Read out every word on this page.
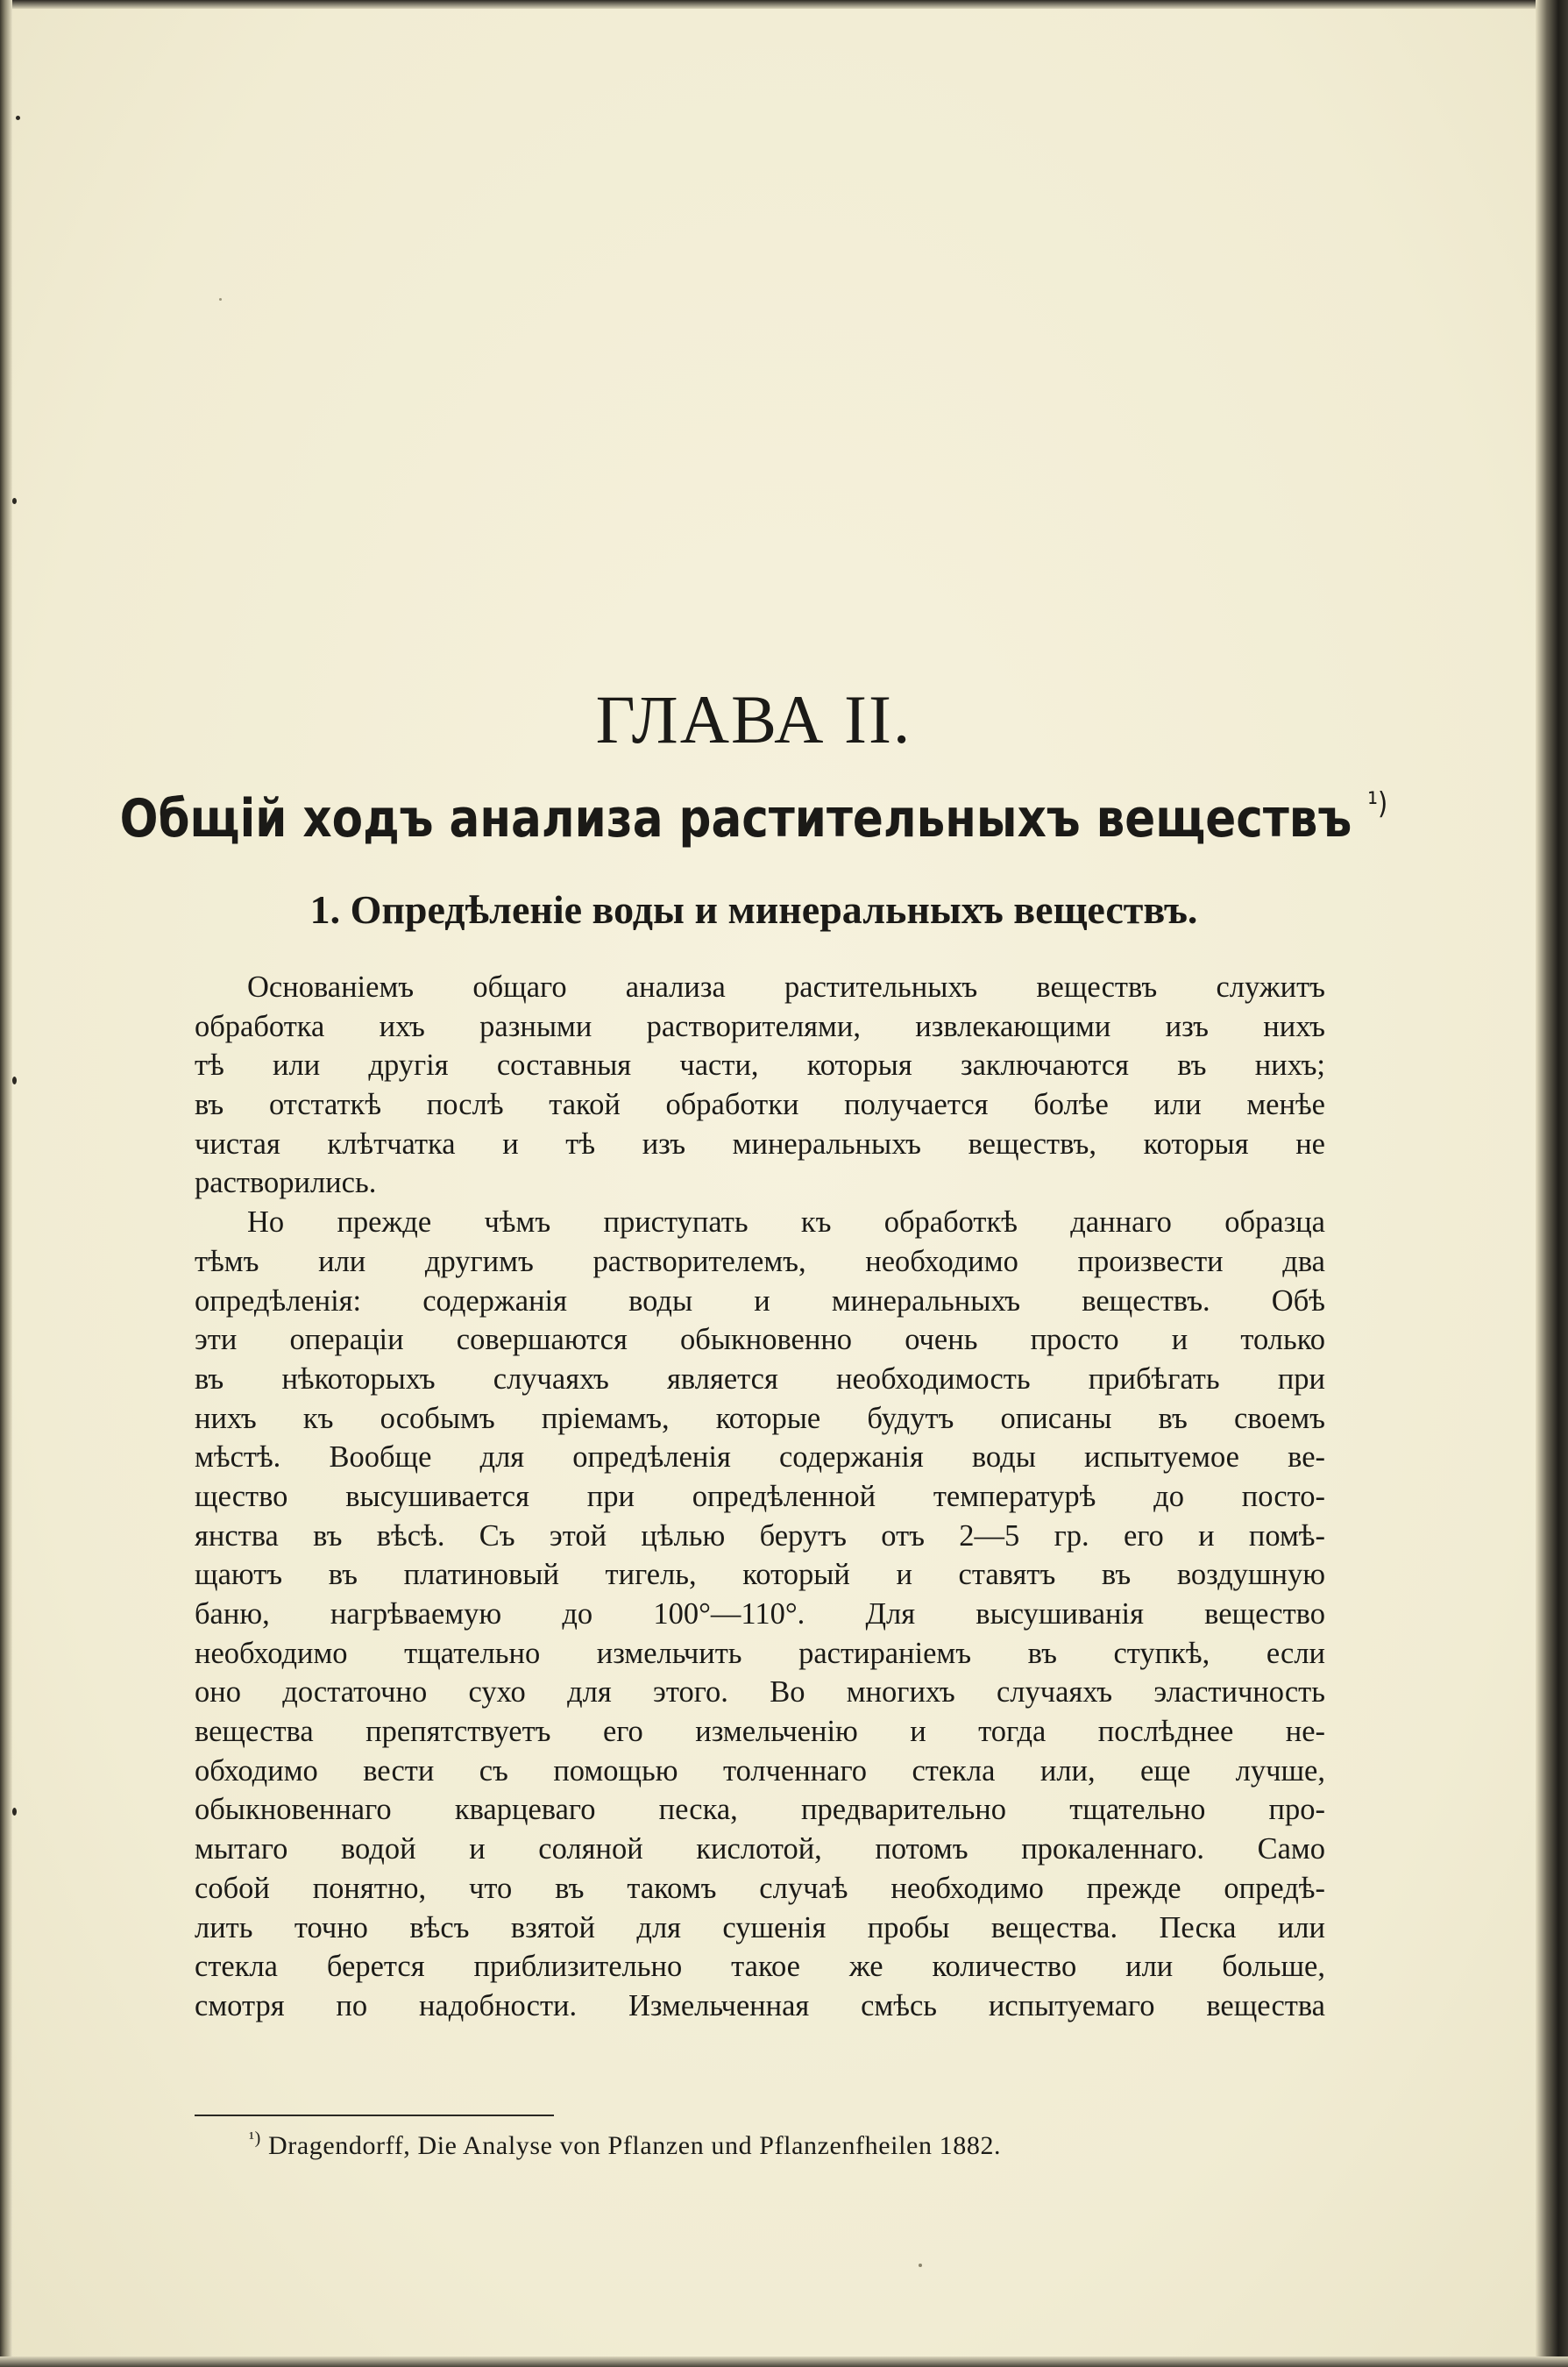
ГЛАВА II.
Общій ходъ анализа растительныхъ веществъ $^{^1)}$
1. Опредѣленіе воды и минеральныхъ веществъ.
Основаніемъ общаго анализа растительныхъ веществъ служитъ
обработка ихъ разными растворителями, извлекающими изъ нихъ
тѣ или другія составныя части, которыя заключаются въ нихъ;
въ отстаткѣ послѣ такой обработки получается болѣе или менѣе
чистая клѣтчатка и тѣ изъ минеральныхъ веществъ, которыя не
растворились.
Но прежде чѣмъ приступать къ обработкѣ даннаго образца
тѣмъ или другимъ растворителемъ, необходимо произвести два
опредѣленія: содержанія воды и минеральныхъ веществъ. Обѣ
эти операціи совершаются обыкновенно очень просто и только
въ нѣкоторыхъ случаяхъ является необходимость прибѣгать при
нихъ къ особымъ пріемамъ, которые будутъ описаны въ своемъ
мѣстѣ. Вообще для опредѣленія содержанія воды испытуемое ве-
щество высушивается при опредѣленной температурѣ до посто-
янства въ вѣсѣ. Съ этой цѣлью берутъ отъ 2—5 гр. его и помѣ-
щаютъ въ платиновый тигель, который и ставятъ въ воздушную
баню, нагрѣваемую до 100°—110°. Для высушиванія вещество
необходимо тщательно измельчить растираніемъ въ ступкѣ, если
оно достаточно сухо для этого. Во многихъ случаяхъ эластичность
вещества препятствуетъ его измельченію и тогда послѣднее не-
обходимо вести съ помощью толченнаго стекла или, еще лучше,
обыкновеннаго кварцеваго песка, предварительно тщательно про-
мытаго водой и соляной кислотой, потомъ прокаленнаго. Само
собой понятно, что въ такомъ случаѣ необходимо прежде опредѣ-
лить точно вѣсъ взятой для сушенія пробы вещества. Песка или
стекла берется приблизительно такое же количество или больше,
смотря по надобности. Измельченная смѣсь испытуемаго вещества
$^{^1)}$ Dragendorff, Die Analyse von Pflanzen und Pflanzenfheilen 1882.
